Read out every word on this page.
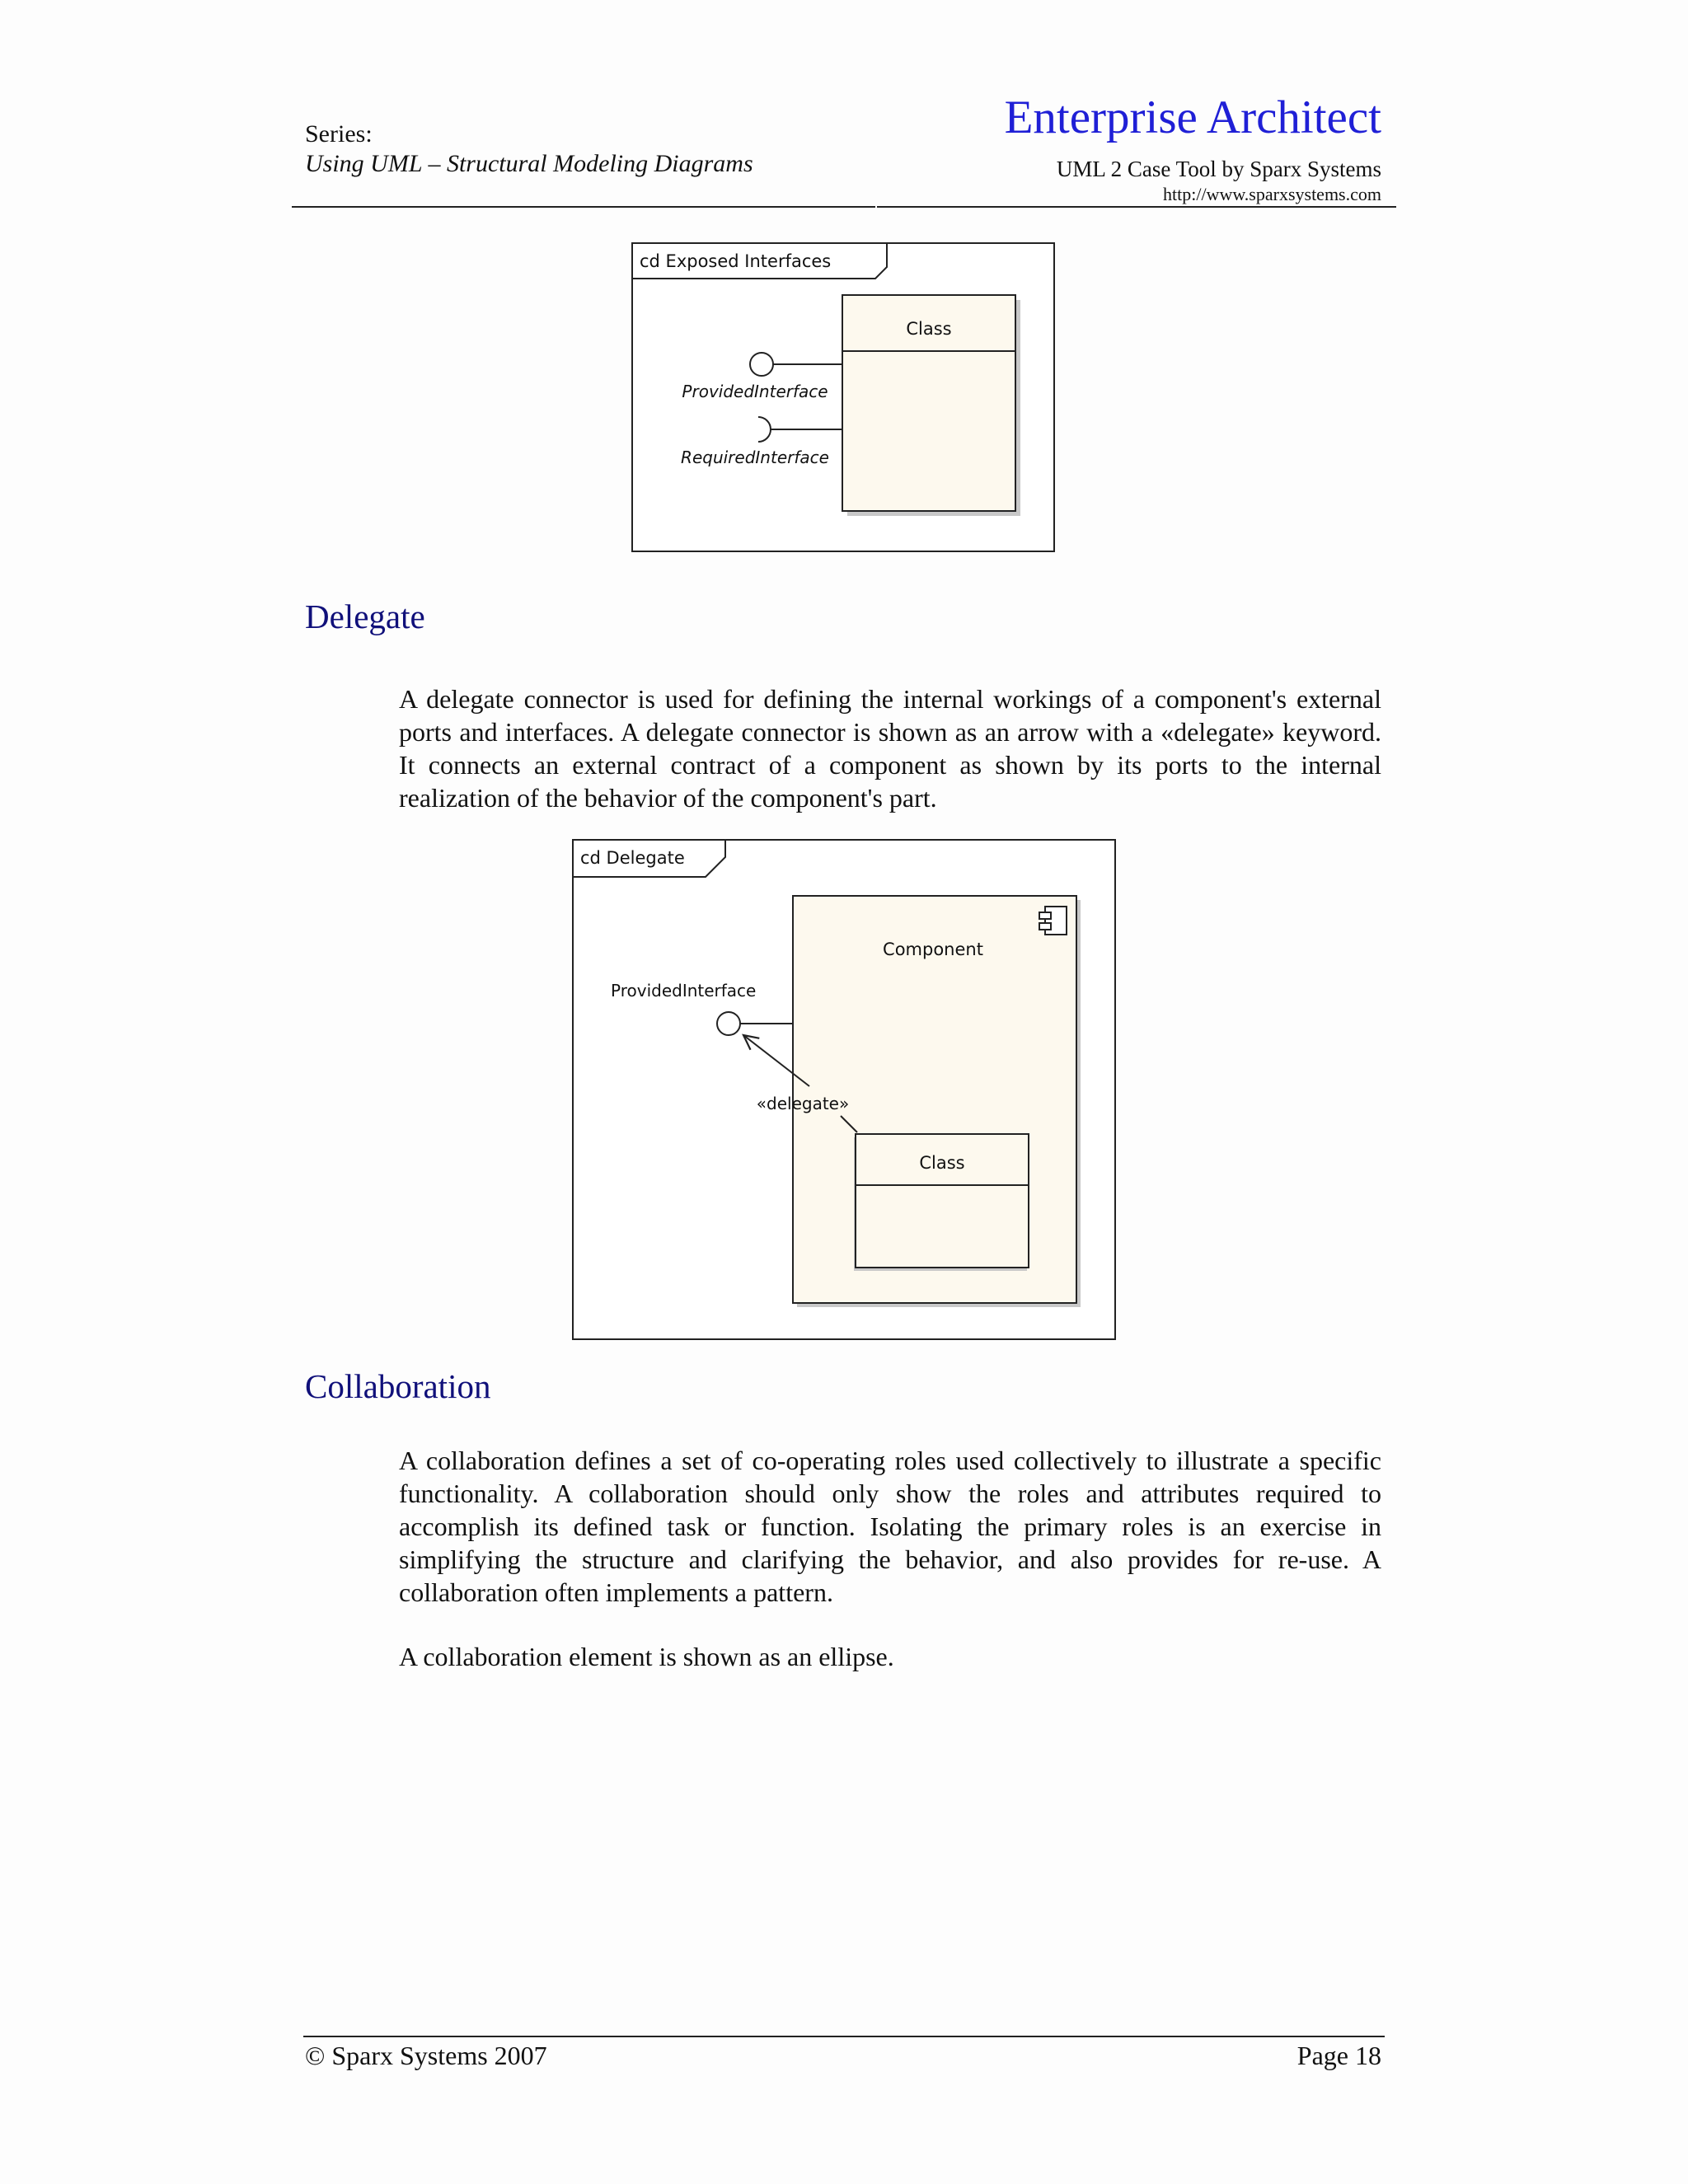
Series:
Using UML – Structural Modeling Diagrams
Enterprise Architect
UML 2 Case Tool by Sparx Systems
http://www.sparxsystems.com
cd Exposed Interfaces
Class
ProvidedInterface
RequiredInterface
Delegate

A delegate connector is used for defining the internal workings of a component's external ports and interfaces. A delegate connector is shown as an arrow with a «delegate» keyword. It connects an external contract of a component as shown by its ports to the internal realization of the behavior of the component's part.

cd Delegate
Component
ProvidedInterface
«delegate»
Class
Collaboration

A collaboration defines a set of co-operating roles used collectively to illustrate a specific functionality. A collaboration should only show the roles and attributes required to accomplish its defined task or function. Isolating the primary roles is an exercise in simplifying the structure and clarifying the behavior, and also provides for re-use. A collaboration often implements a pattern.

A collaboration element is shown as an ellipse.

© Sparx Systems 2007	Page 18
